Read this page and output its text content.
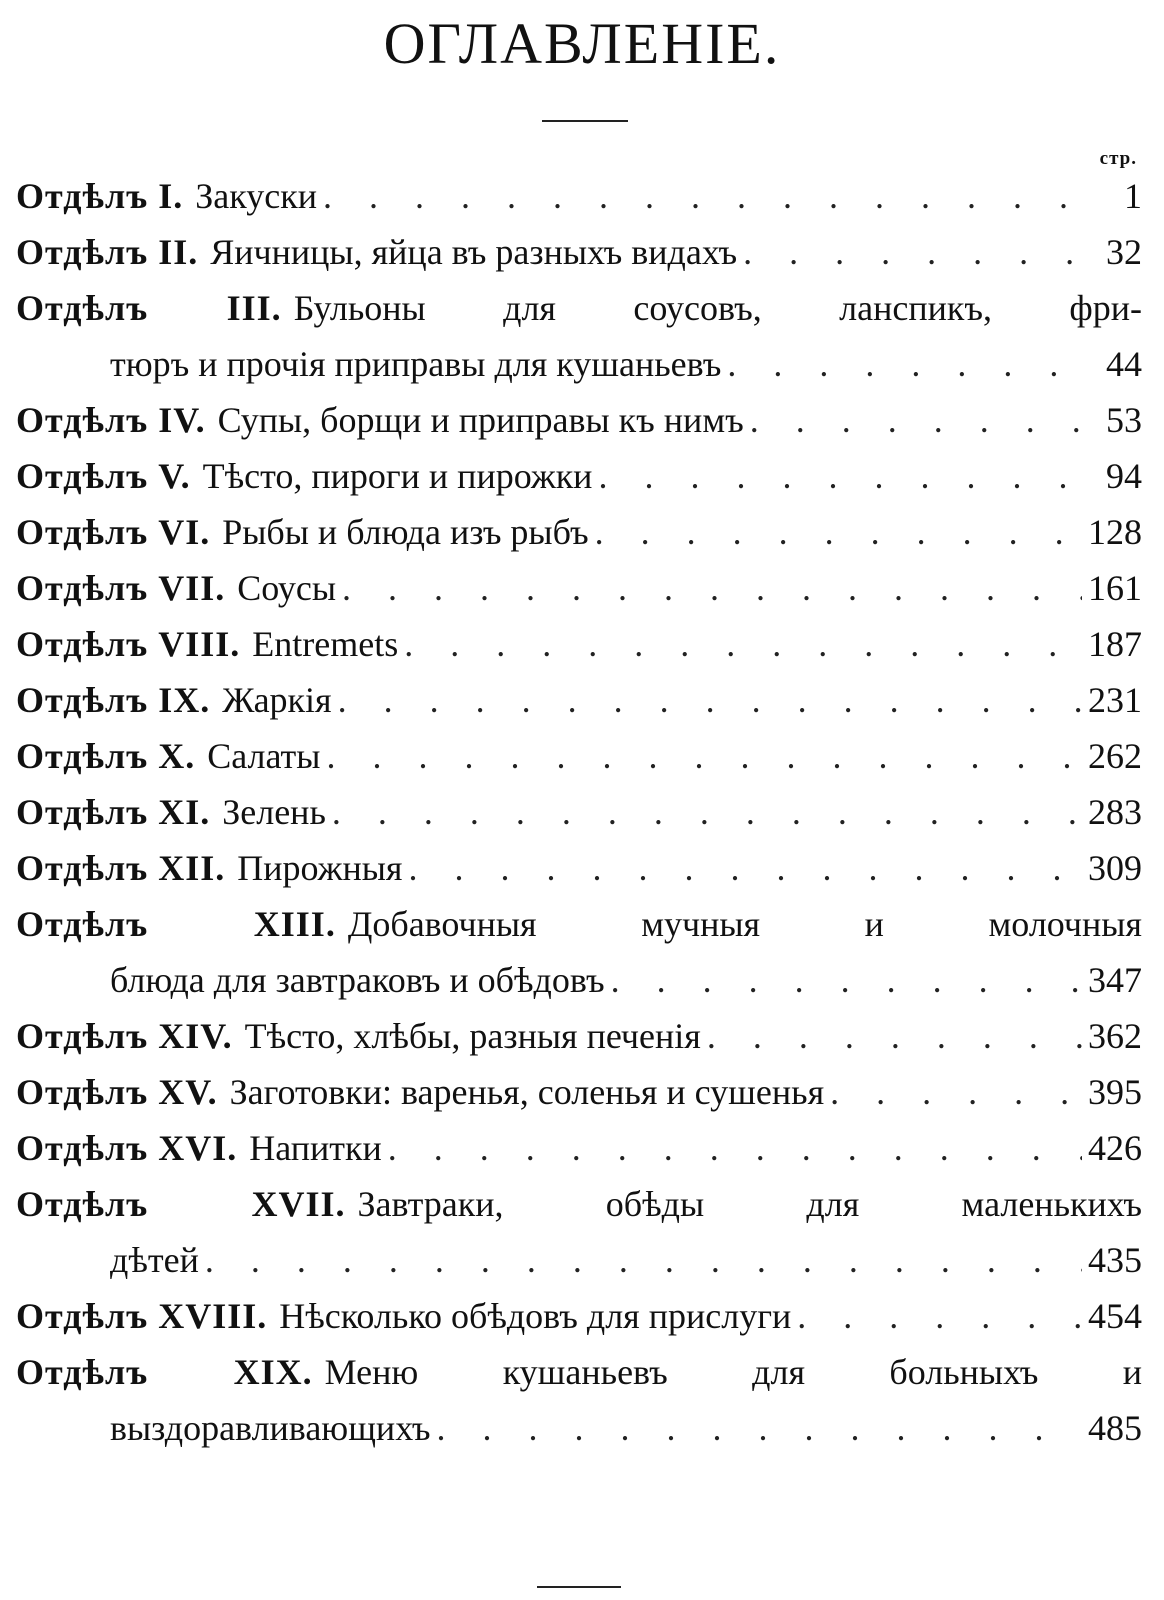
ОГЛАВЛЕНІЕ.
стр.
Отдѣлъ I. Закуски . . .	1
Отдѣлъ II. Яичницы, яйца въ разныхъ видахъ . . .	32
Отдѣлъ III. Бульоны для соусовъ, ланспикъ, фри-
тюръ и прочія приправы для кушаньевъ . . .	44
Отдѣлъ IV. Супы, борщи и приправы къ нимъ . . .	53
Отдѣлъ V. Тѣсто, пироги и пирожки . . .	94
Отдѣлъ VI. Рыбы и блюда изъ рыбъ . . .	128
Отдѣлъ VII. Соусы . . .	161
Отдѣлъ VIII. Entremets . . .	187
Отдѣлъ IX. Жаркія . . .	231
Отдѣлъ X. Салаты . . .	262
Отдѣлъ XI. Зелень . . .	283
Отдѣлъ XII. Пирожныя . . .	309
Отдѣлъ XIII. Добавочныя мучныя и молочныя
блюда для завтраковъ и обѣдовъ . . .	347
Отдѣлъ XIV. Тѣсто, хлѣбы, разныя печенія . . .	362
Отдѣлъ XV. Заготовки: варенья, соленья и сушенья . . .	395
Отдѣлъ XVI. Напитки . . .	426
Отдѣлъ XVII. Завтраки, обѣды для маленькихъ
дѣтей . . .	435
Отдѣлъ XVIII. Нѣсколько обѣдовъ для прислуги . . .	454
Отдѣлъ XIX. Меню кушаньевъ для больныхъ и
выздоравливающихъ . . .	485
